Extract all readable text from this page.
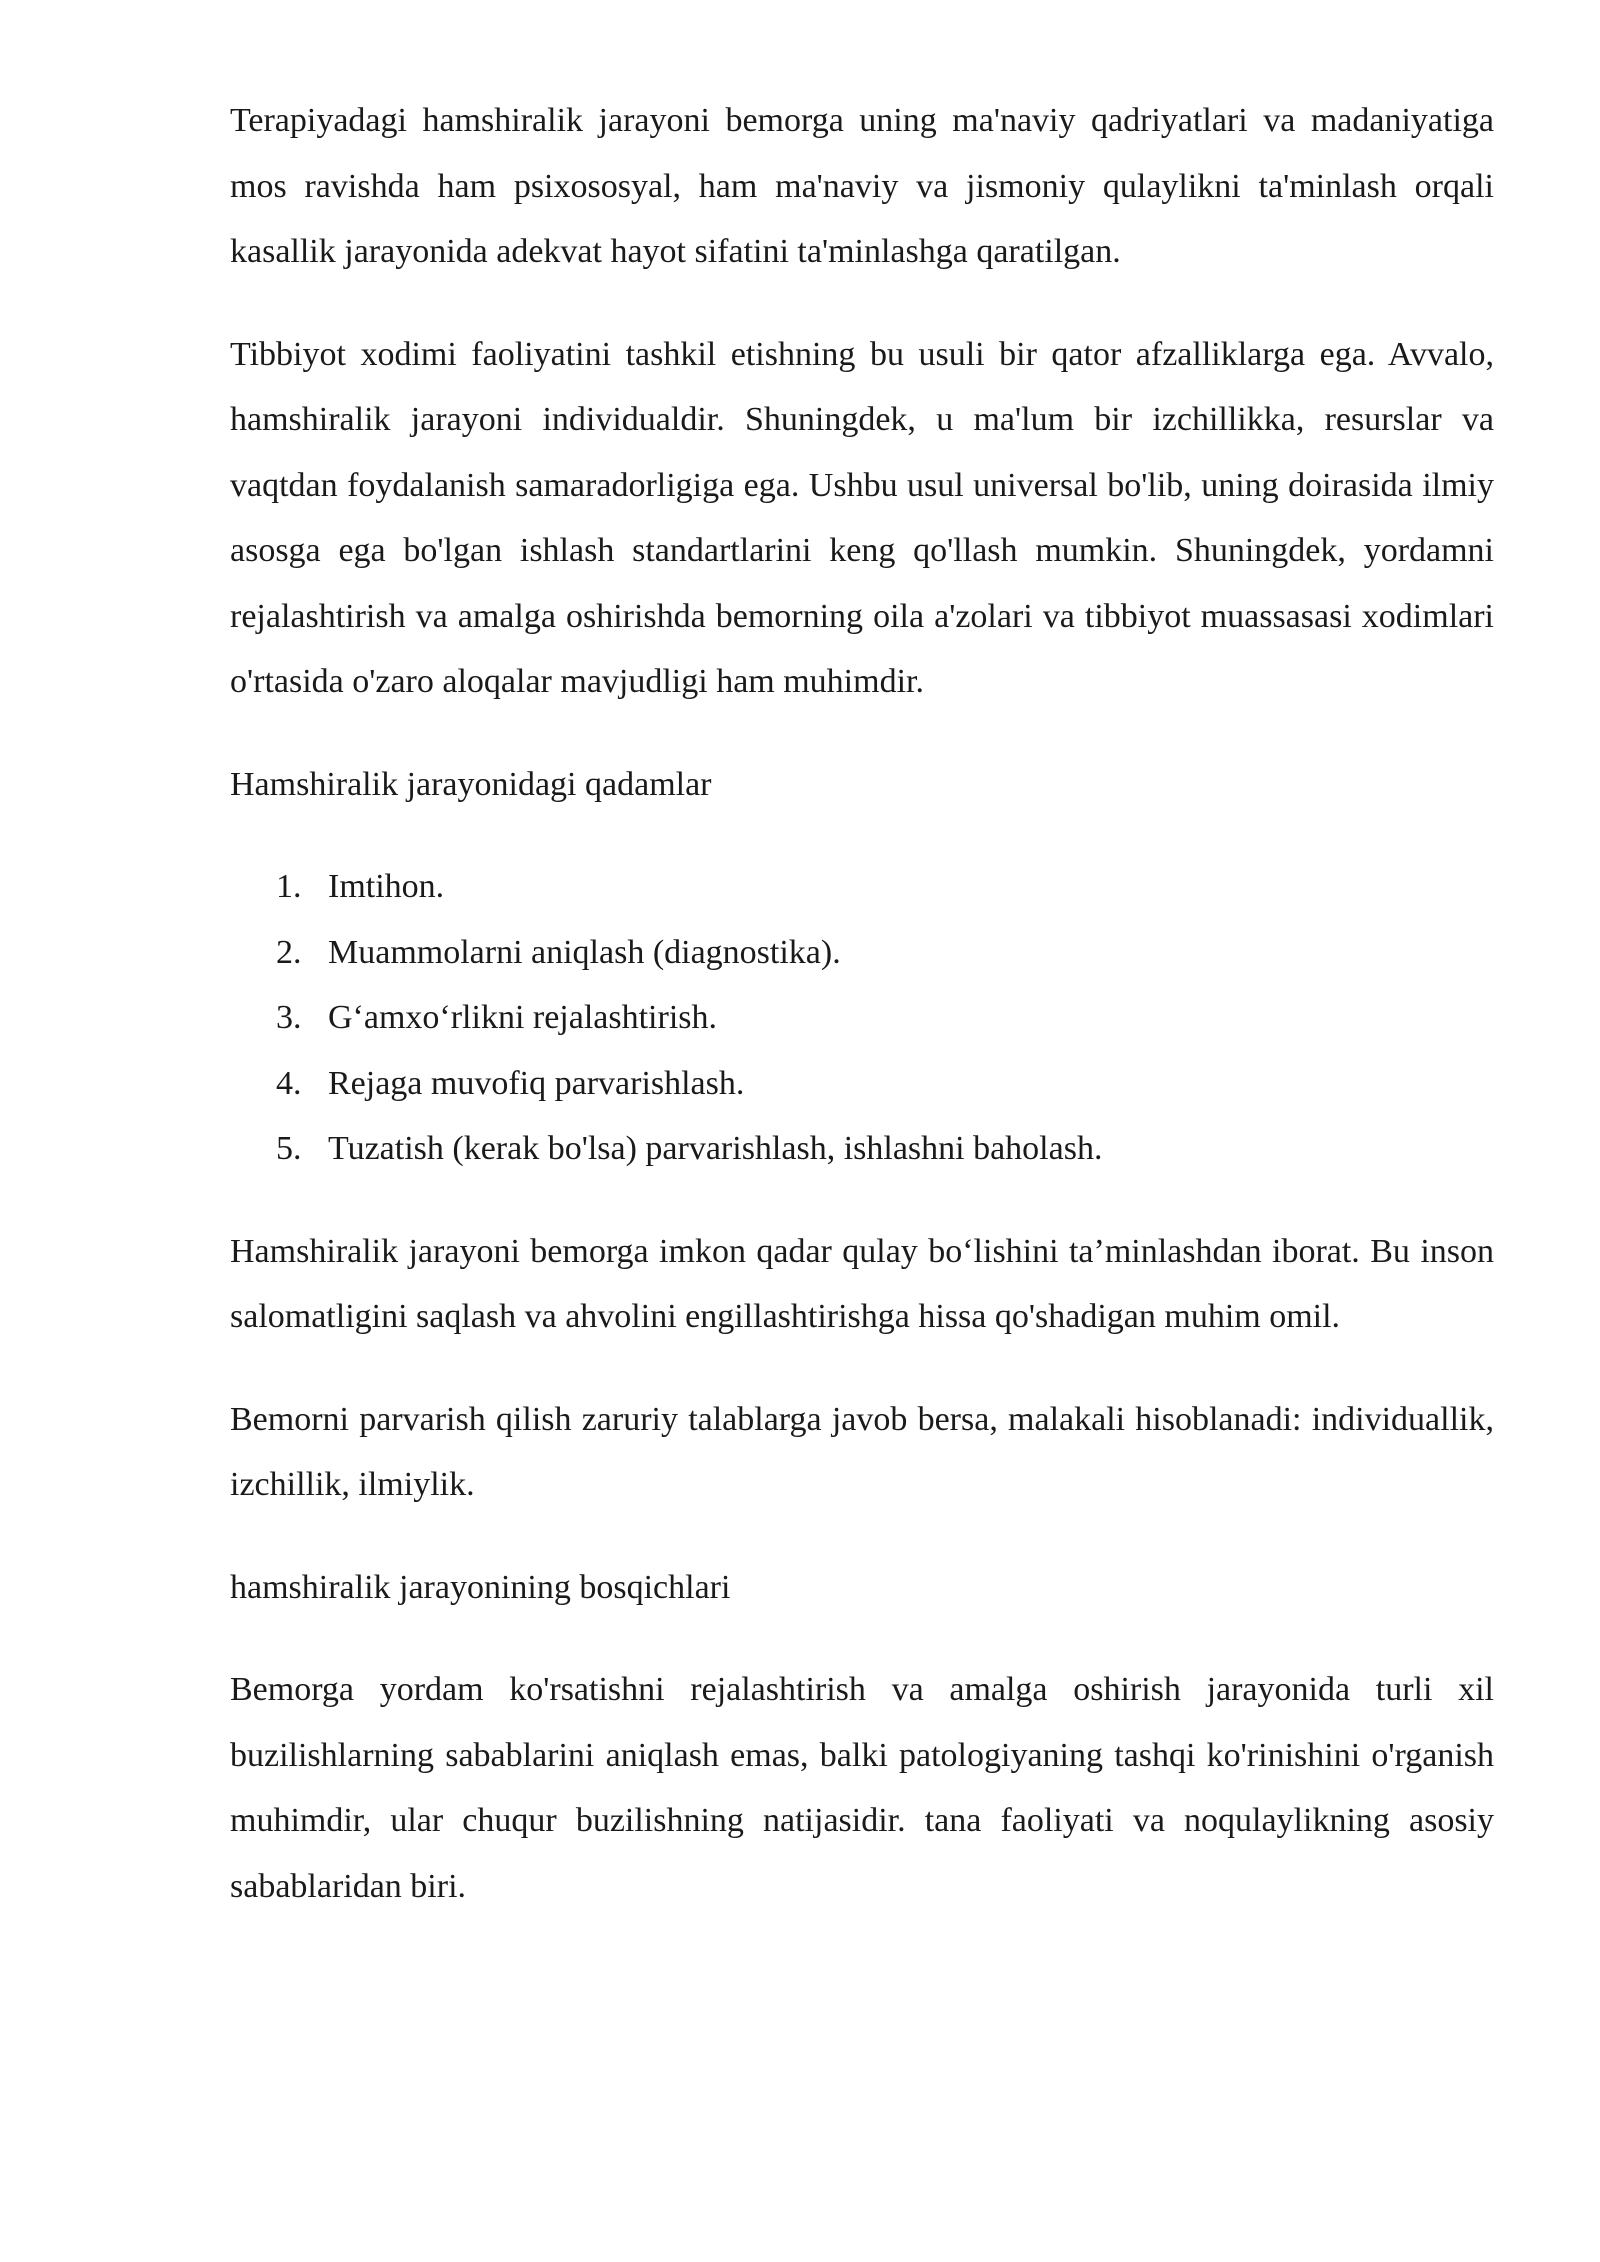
Terapiyadagi hamshiralik jarayoni bemorga uning ma'naviy qadriyatlari va madaniyatiga mos ravishda ham psixososyal, ham ma'naviy va jismoniy qulaylikni ta'minlash orqali kasallik jarayonida adekvat hayot sifatini ta'minlashga qaratilgan.

Tibbiyot xodimi faoliyatini tashkil etishning bu usuli bir qator afzalliklarga ega. Avvalo, hamshiralik jarayoni individualdir. Shuningdek, u ma'lum bir izchillikka, resurslar va vaqtdan foydalanish samaradorligiga ega. Ushbu usul universal bo'lib, uning doirasida ilmiy asosga ega bo'lgan ishlash standartlarini keng qo'llash mumkin. Shuningdek, yordamni rejalashtirish va amalga oshirishda bemorning oila a'zolari va tibbiyot muassasasi xodimlari o'rtasida o'zaro aloqalar mavjudligi ham muhimdir.

Hamshiralik jarayonidagi qadamlar

1. Imtihon.
2. Muammolarni aniqlash (diagnostika).
3. G‘amxo‘rlikni rejalashtirish.
4. Rejaga muvofiq parvarishlash.
5. Tuzatish (kerak bo'lsa) parvarishlash, ishlashni baholash.

Hamshiralik jarayoni bemorga imkon qadar qulay bo‘lishini ta’minlashdan iborat. Bu inson salomatligini saqlash va ahvolini engillashtirishga hissa qo'shadigan muhim omil.

Bemorni parvarish qilish zaruriy talablarga javob bersa, malakali hisoblanadi: individuallik, izchillik, ilmiylik.

hamshiralik jarayonining bosqichlari

Bemorga yordam ko'rsatishni rejalashtirish va amalga oshirish jarayonida turli xil buzilishlarning sabablarini aniqlash emas, balki patologiyaning tashqi ko'rinishini o'rganish muhimdir, ular chuqur buzilishning natijasidir. tana faoliyati va noqulaylikning asosiy sabablaridan biri.
